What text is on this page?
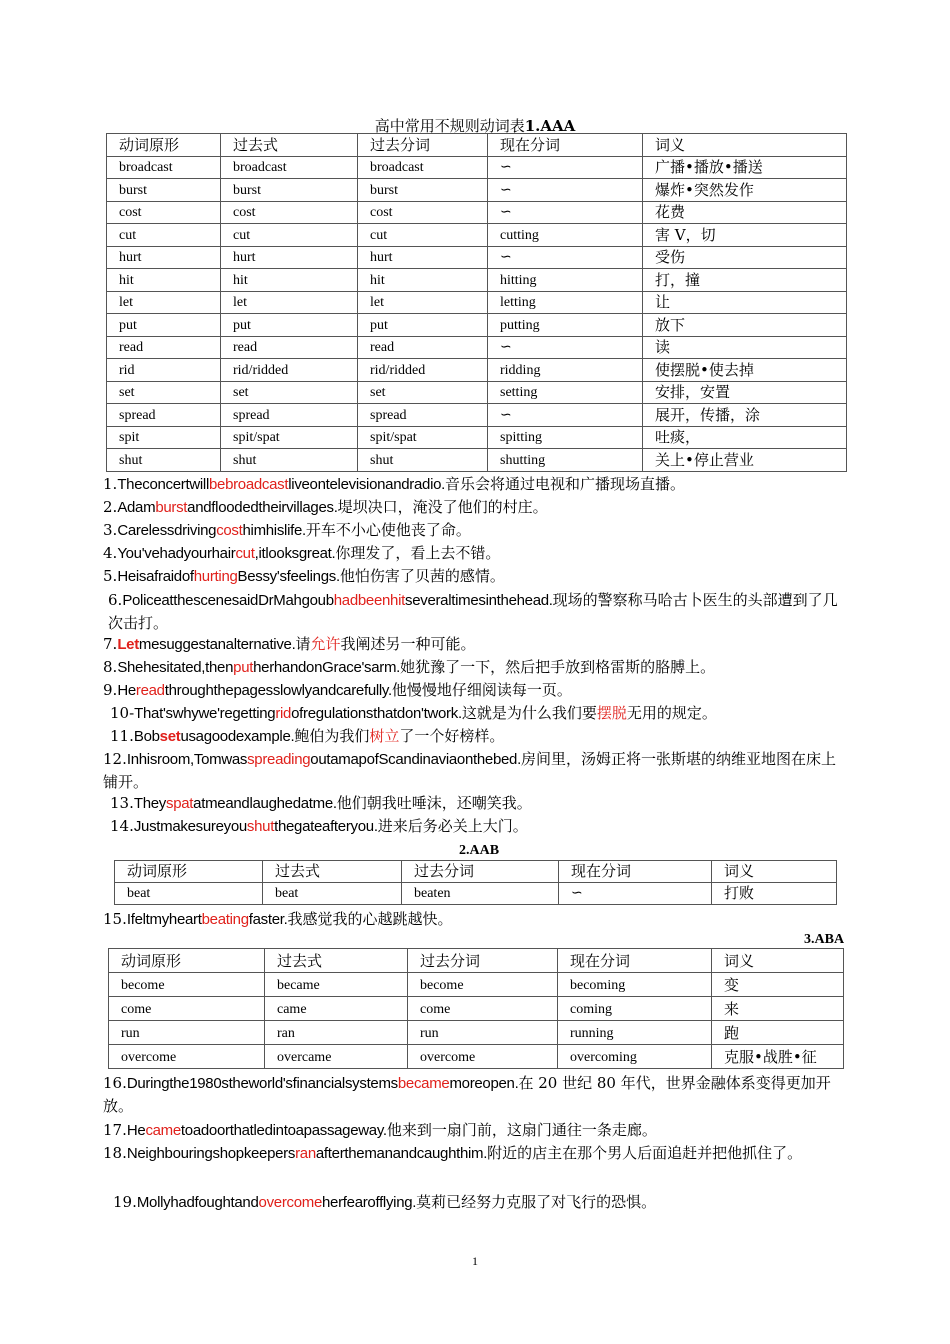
高中常用不规则动词表1.AAA
动词原形	过去式	过去分词	现在分词	词义
broadcast	broadcast	broadcast	∽	广播•播放•播送
burst	burst	burst	∽	爆炸•突然发作
cost	cost	cost	∽	花费
cut	cut	cut	cutting	害 V，切
hurt	hurt	hurt	∽	受伤
hit	hit	hit	hitting	打，撞
let	let	let	letting	让
put	put	put	putting	放下
read	read	read	∽	读
rid	rid/ridded	rid/ridded	ridding	使摆脱•使去掉
set	set	set	setting	安排，安置
spread	spread	spread	∽	展开，传播，涂
spit	spit/spat	spit/spat	spitting	吐痰，
shut	shut	shut	shutting	关上•停止营业
1.Theconcertwillbebroadcastliveontelevisionandradio.音乐会将通过电视和广播现场直播。
2.Adamburstandfloodedtheirvillages.堤坝决口，淹没了他们的村庄。
3.Carelessdrivingcosthimhislife.开车不小心使他丧了命。
4.You'vehadyourhaircut,itlooksgreat.你理发了，看上去不错。
5.HeisafraidofhurtingBessy'sfeelings.他怕伤害了贝茜的感情。
6.PoliceatthescenesaidDrMahgoubhadbeenhitseveraltimesinthehead.现场的警察称马哈古卜医生的头部遭到了几次击打。
7.Letmesuggestanalternative.请允许我阐述另一种可能。
8.Shehesitated,thenputherhandonGrace'sarm.她犹豫了一下，然后把手放到格雷斯的胳膊上。
9.Hereadthroughthepagesslowlyandcarefully.他慢慢地仔细阅读每一页。
10-That'swhywe'regettingridofregulationsthatdon'twork.这就是为什么我们要摆脱无用的规定。
11.Bobsetusagoodexample.鲍伯为我们树立了一个好榜样。
12.Inhisroom,TomwasspreadingoutamapofScandinaviaonthebed.房间里，汤姆正将一张斯堪的纳维亚地图在床上铺开。
13.Theyspatatmeandlaughedatme.他们朝我吐唾沫，还嘲笑我。
14.Justmakesureyoushutthegateafteryou.进来后务必关上大门。
2.AAB
动词原形	过去式	过去分词	现在分词	词义
beat	beat	beaten	∽	打败
15.Ifeltmyheartbeatingfaster.我感觉我的心越跳越快。
3.ABA
动词原形	过去式	过去分词	现在分词	词义
become	became	become	becoming	变
come	came	come	coming	来
run	ran	run	running	跑
overcome	overcame	overcome	overcoming	克服•战胜•征
16.Duringthe1980stheworld'sfinancialsystemsbecamemoreopen.在 20 世纪 80 年代，世界金融体系变得更加开放。
17.Hecametoadoorthatledintoapassageway.他来到一扇门前，这扇门通往一条走廊。
18.Neighbouringshopkeepersranafterthemanandcaughthim.附近的店主在那个男人后面追赶并把他抓住了。
19.Mollyhadfoughtandovercomeherfearofflying.莫莉已经努力克服了对飞行的恐惧。
1
